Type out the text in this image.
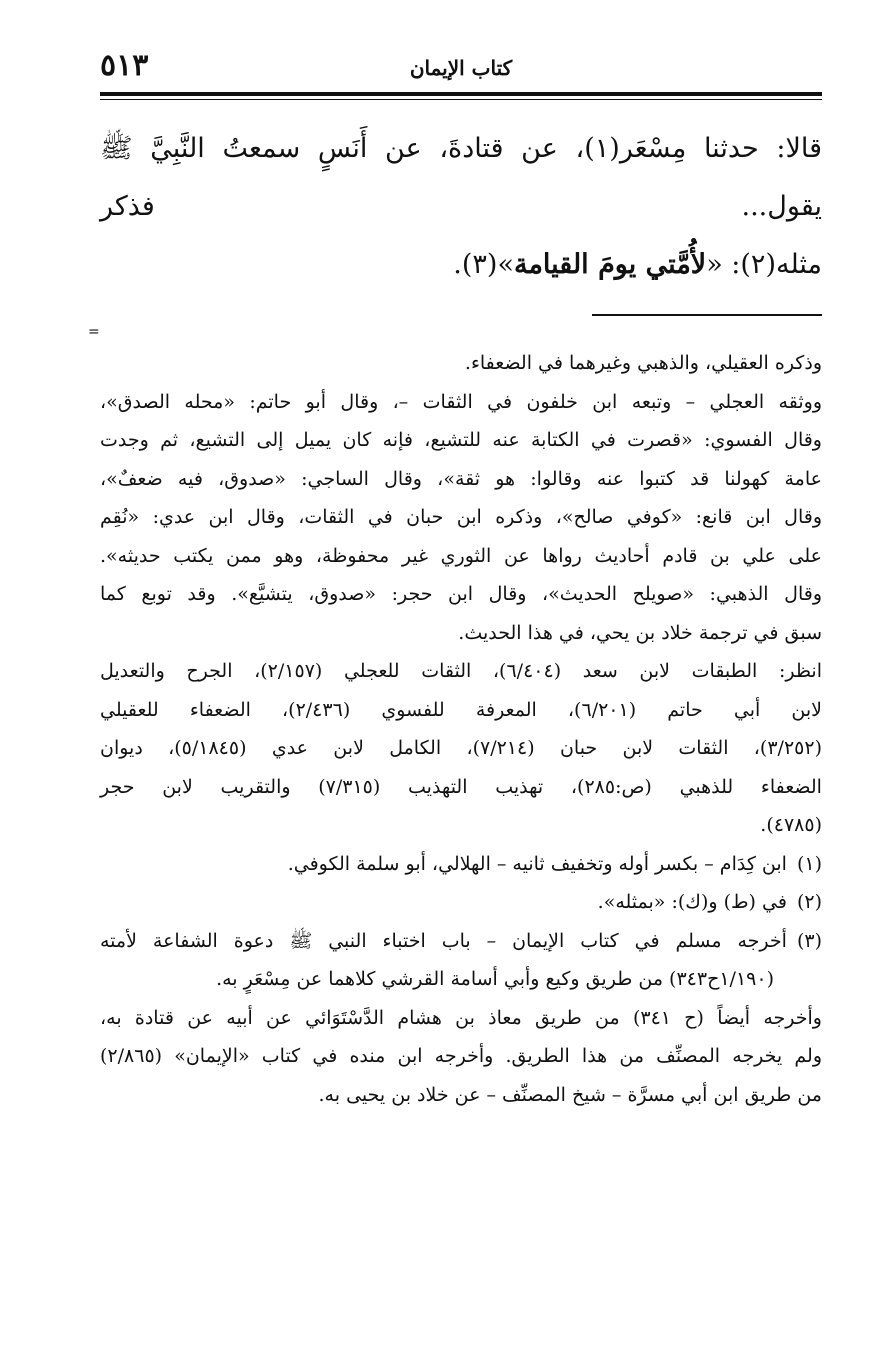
كتاب الإيمان
٥١٣
قالا: حدثنا مِسْعَر(١)، عن قتادةَ، عن أَنَسٍ سمعتُ النَّبِيَّ ﷺ يقول... فذكر
مثله(٢): «لأُمَّتي يومَ القيامة»(٣).
=

وذكره العقيلي، والذهبي وغيرهما في الضعفاء.

ووثقه العجلي – وتبعه ابن خلفون في الثقات –، وقال أبو حاتم: «محله الصدق»،

وقال الفسوي: «قصرت في الكتابة عنه للتشيع، فإنه كان يميل إلى التشيع، ثم وجدت

عامة كهولنا قد كتبوا عنه وقالوا: هو ثقة»، وقال الساجي: «صدوق، فيه ضعفٌ»،

وقال ابن قانع: «كوفي صالح»، وذكره ابن حبان في الثقات، وقال ابن عدي: «نُقِم

على علي بن قادم أحاديث رواها عن الثوري غير محفوظة، وهو ممن يكتب حديثه».

وقال الذهبي: «صويلح الحديث»، وقال ابن حجر: «صدوق، يتشيَّع». وقد توبع كما

سبق في ترجمة خلاد بن يحي، في هذا الحديث.

انظر: الطبقات لابن سعد (٦/٤٠٤)، الثقات للعجلي (٢/١٥٧)، الجرح والتعديل

لابن أبي حاتم (٦/٢٠١)، المعرفة للفسوي (٢/٤٣٦)، الضعفاء للعقيلي

(٣/٢٥٢)، الثقات لابن حبان (٧/٢١٤)، الكامل لابن عدي (٥/١٨٤٥)، ديوان

الضعفاء للذهبي (ص:٢٨٥)، تهذيب التهذيب (٧/٣١٥) والتقريب لابن حجر

(٤٧٨٥).

(١)
ابن كِدَام – بكسر أوله وتخفيف ثانيه – الهلالي، أبو سلمة الكوفي.
(٢)
في (ط) و(ك): «بمثله».
(٣)
أخرجه مسلم في كتاب الإيمان – باب اختباء النبي ﷺ دعوة الشفاعة لأمته

(١/١٩٠ح٣٤٣) من طريق وكيع وأبي أسامة القرشي كلاهما عن مِسْعَرٍ به.

وأخرجه أيضاً (ح ٣٤١) من طريق معاذ بن هشام الدَّسْتَوَائي عن أبيه عن قتادة به،

ولم يخرجه المصنِّف من هذا الطريق. وأخرجه ابن منده في كتاب «الإيمان» (٢/٨٦٥)

من طريق ابن أبي مسرَّة – شيخ المصنِّف – عن خلاد بن يحيى به.
